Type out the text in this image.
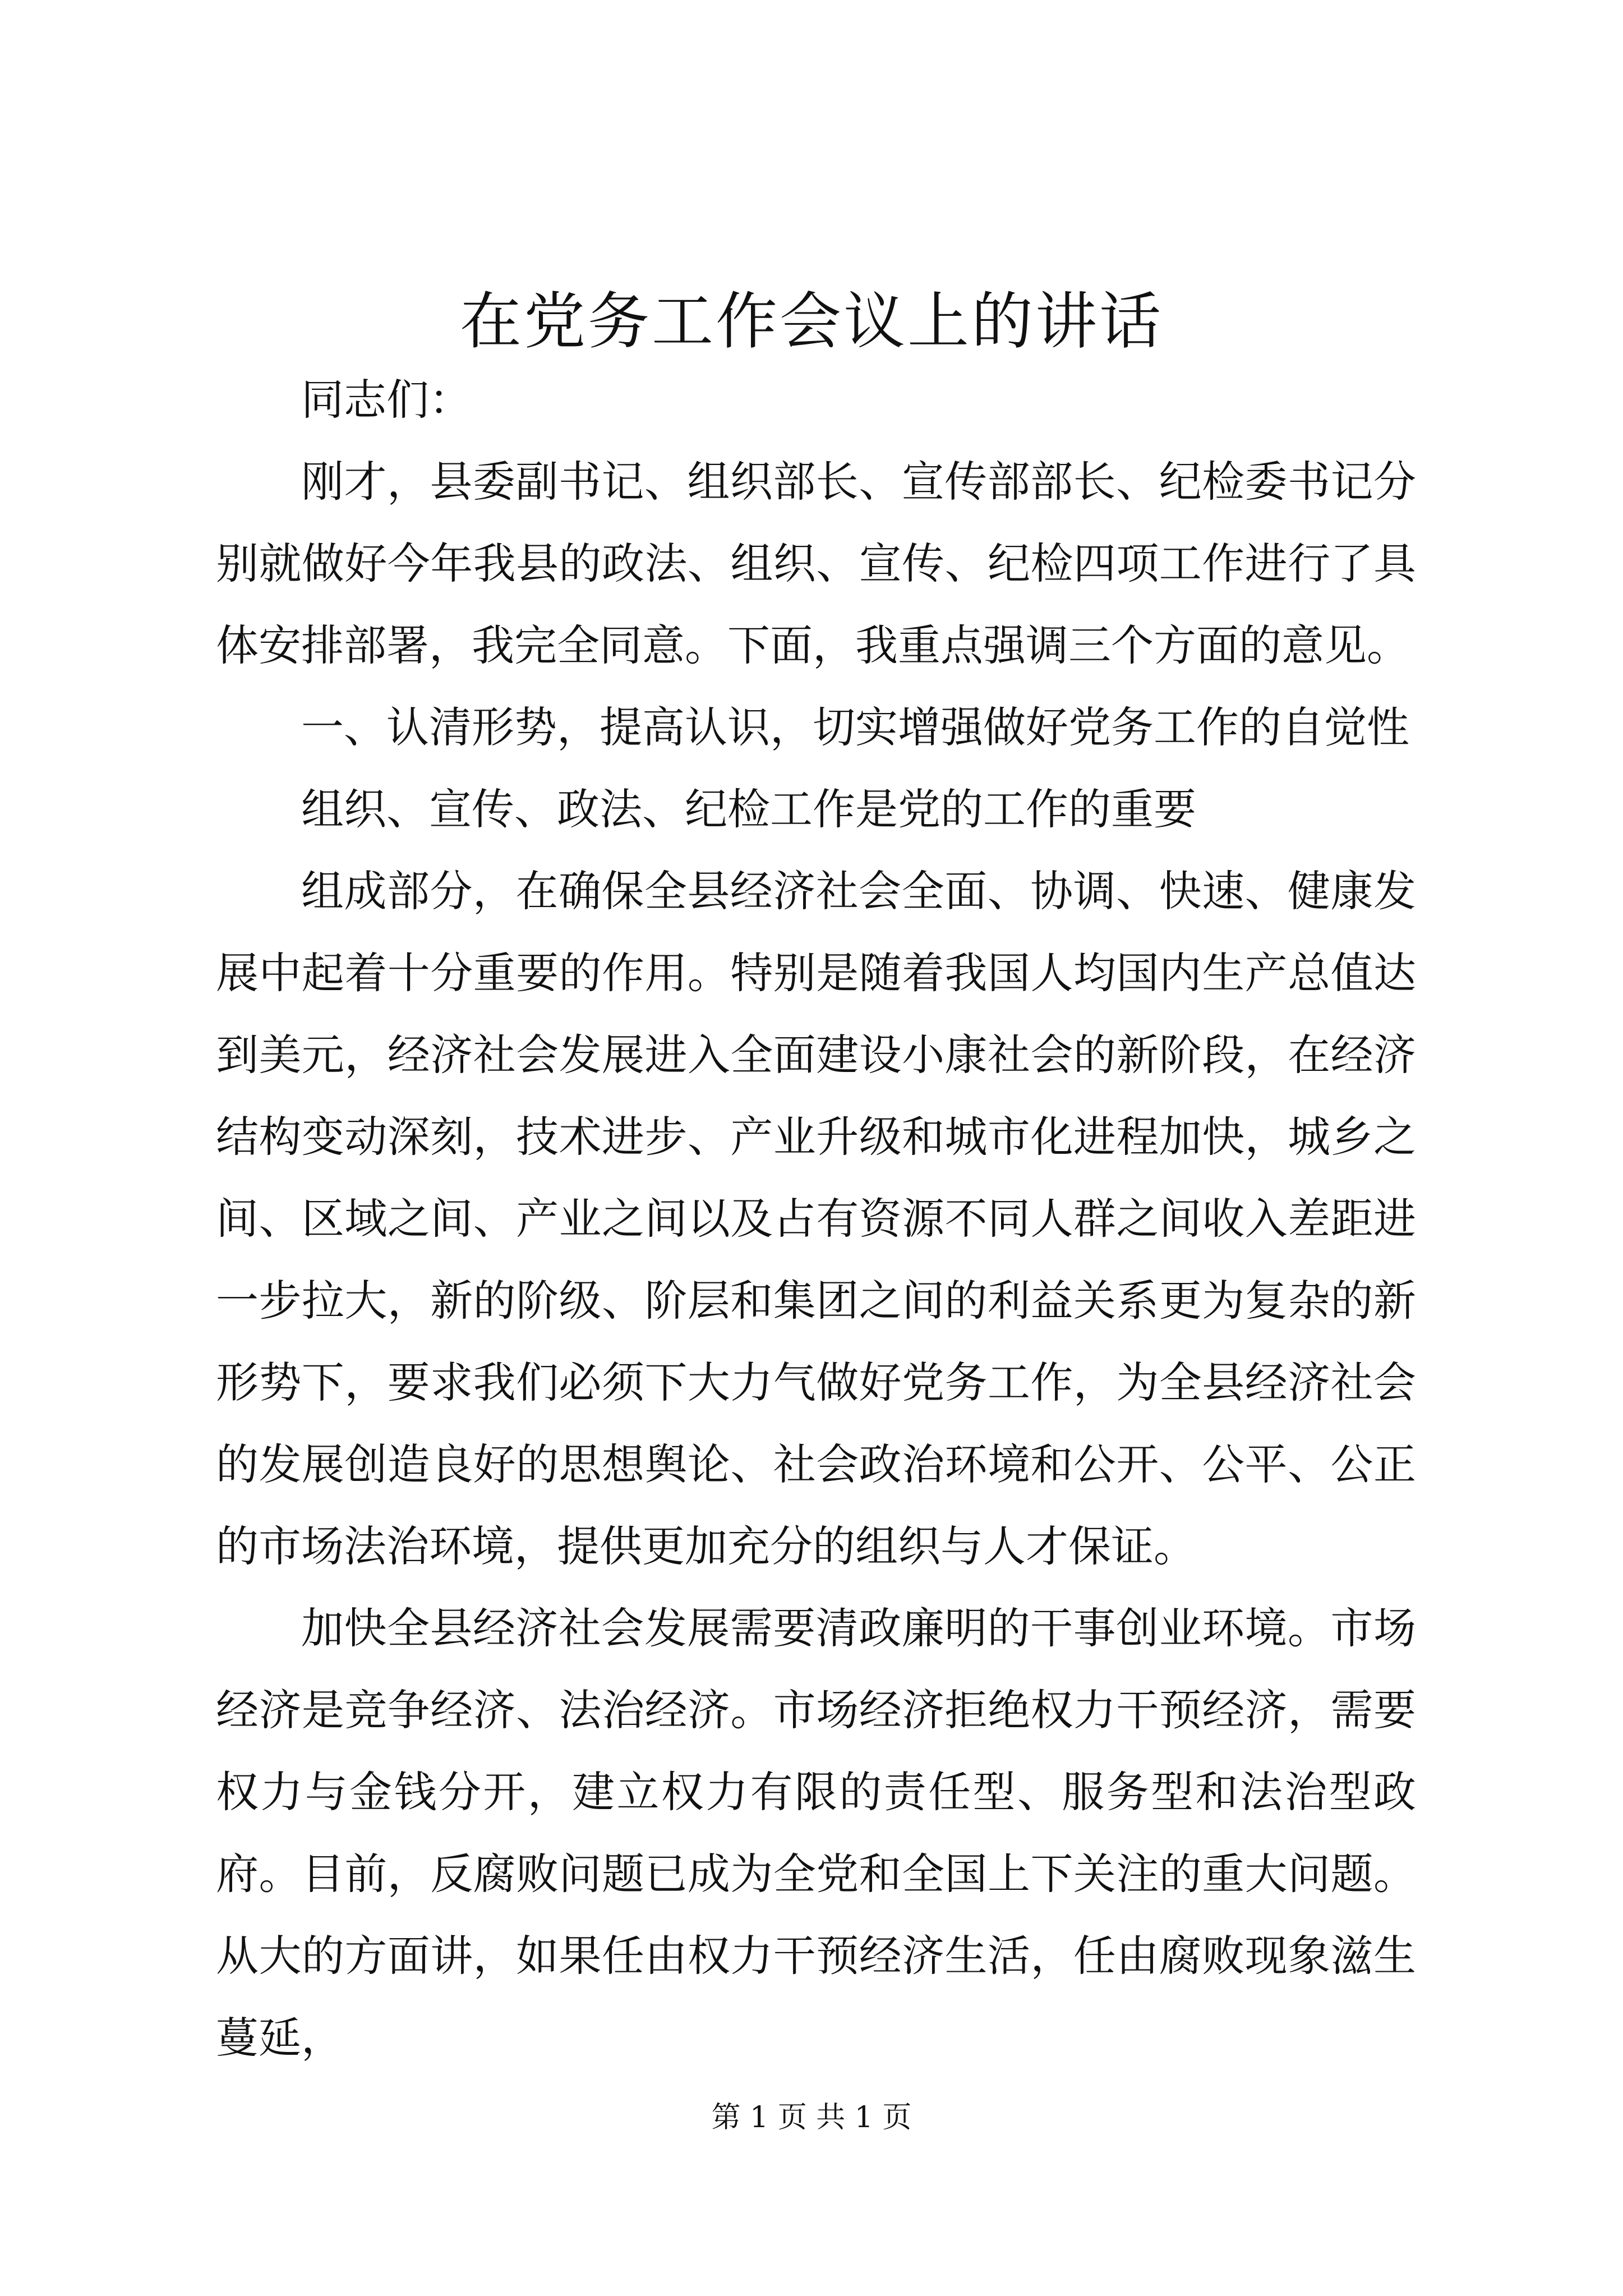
在党务工作会议上的讲话

同志们：

刚才，县委副书记、组织部长、宣传部部长、纪检委书记分别就做好今年我县的政法、组织、宣传、纪检四项工作进行了具体安排部署，我完全同意。下面，我重点强调三个方面的意见。

一、认清形势，提高认识，切实增强做好党务工作的自觉性

组织、宣传、政法、纪检工作是党的工作的重要

组成部分，在确保全县经济社会全面、协调、快速、健康发展中起着十分重要的作用。特别是随着我国人均国内生产总值达到美元，经济社会发展进入全面建设小康社会的新阶段，在经济结构变动深刻，技术进步、产业升级和城市化进程加快，城乡之间、区域之间、产业之间以及占有资源不同人群之间收入差距进一步拉大，新的阶级、阶层和集团之间的利益关系更为复杂的新形势下，要求我们必须下大力气做好党务工作，为全县经济社会的发展创造良好的思想舆论、社会政治环境和公开、公平、公正的市场法治环境，提供更加充分的组织与人才保证。

加快全县经济社会发展需要清政廉明的干事创业环境。市场经济是竞争经济、法治经济。市场经济拒绝权力干预经济，需要权力与金钱分开，建立权力有限的责任型、服务型和法治型政府。目前，反腐败问题已成为全党和全国上下关注的重大问题。从大的方面讲，如果任由权力干预经济生活，任由腐败现象滋生蔓延，

第 1 页 共 1 页
